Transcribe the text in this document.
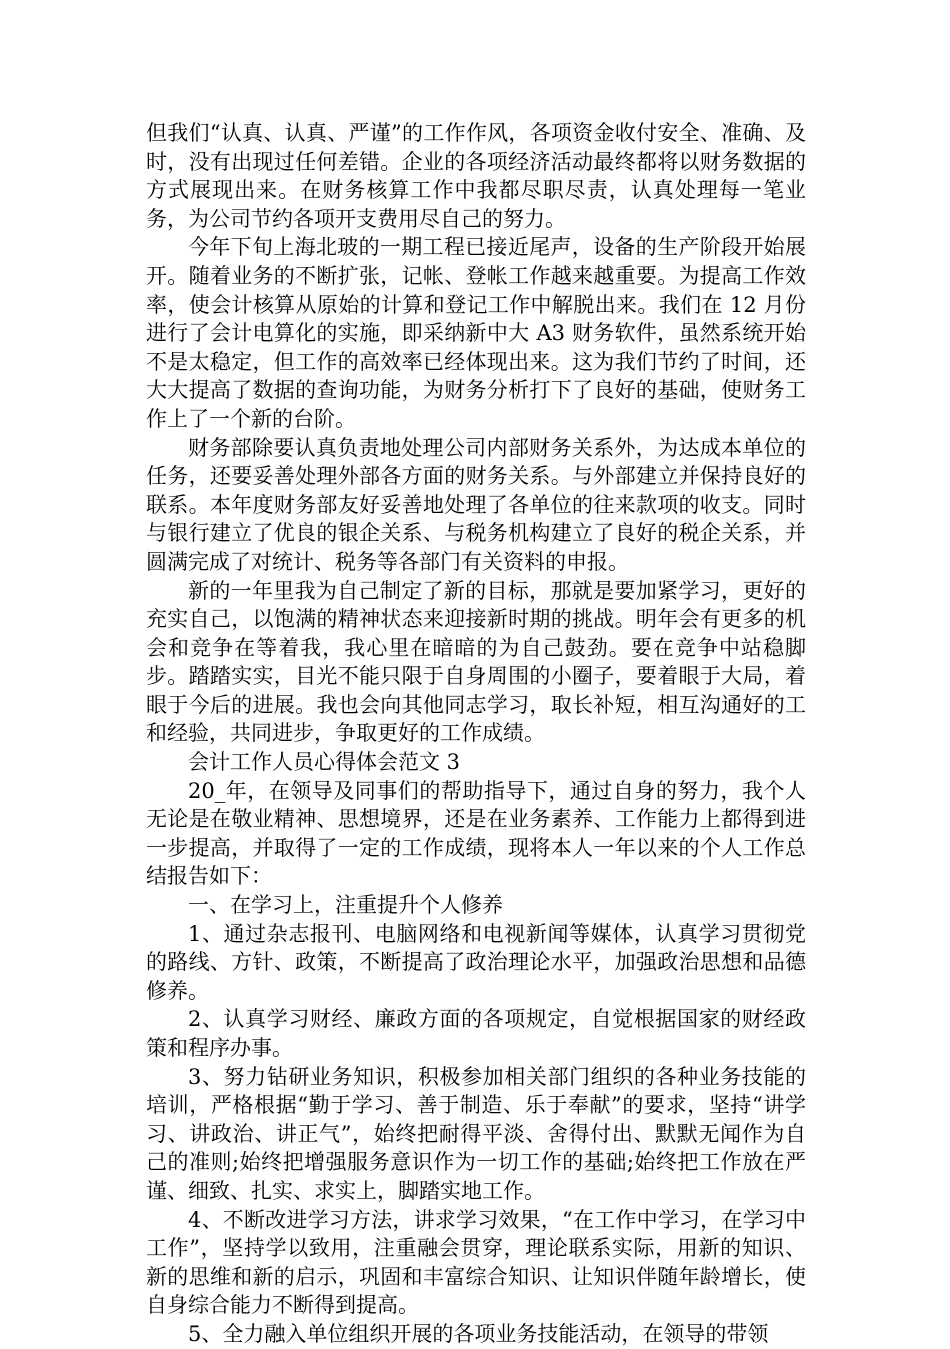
但我们“认真、认真、严谨”的工作作风，各项资金收付安全、准确、及时，没有出现过任何差错。企业的各项经济活动最终都将以财务数据的方式展现出来。在财务核算工作中我都尽职尽责，认真处理每一笔业务，为公司节约各项开支费用尽自己的努力。

今年下旬上海北玻的一期工程已接近尾声，设备的生产阶段开始展开。随着业务的不断扩张，记帐、登帐工作越来越重要。为提高工作效率，使会计核算从原始的计算和登记工作中解脱出来。我们在 12 月份进行了会计电算化的实施，即采纳新中大 A3 财务软件，虽然系统开始不是太稳定，但工作的高效率已经体现出来。这为我们节约了时间，还大大提高了数据的查询功能，为财务分析打下了良好的基础，使财务工作上了一个新的台阶。

财务部除要认真负责地处理公司内部财务关系外，为达成本单位的任务，还要妥善处理外部各方面的财务关系。与外部建立并保持良好的联系。本年度财务部友好妥善地处理了各单位的往来款项的收支。同时与银行建立了优良的银企关系、与税务机构建立了良好的税企关系，并圆满完成了对统计、税务等各部门有关资料的申报。

新的一年里我为自己制定了新的目标，那就是要加紧学习，更好的充实自己，以饱满的精神状态来迎接新时期的挑战。明年会有更多的机会和竞争在等着我，我心里在暗暗的为自己鼓劲。要在竞争中站稳脚步。踏踏实实，目光不能只限于自身周围的小圈子，要着眼于大局，着眼于今后的进展。我也会向其他同志学习，取长补短，相互沟通好的工和经验，共同进步，争取更好的工作成绩。

会计工作人员心得体会范文 3

20_年，在领导及同事们的帮助指导下，通过自身的努力，我个人无论是在敬业精神、思想境界，还是在业务素养、工作能力上都得到进一步提高，并取得了一定的工作成绩，现将本人一年以来的个人工作总结报告如下：

一、在学习上，注重提升个人修养

1、通过杂志报刊、电脑网络和电视新闻等媒体，认真学习贯彻党的路线、方针、政策，不断提高了政治理论水平，加强政治思想和品德修养。

2、认真学习财经、廉政方面的各项规定，自觉根据国家的财经政策和程序办事。

3、努力钻研业务知识，积极参加相关部门组织的各种业务技能的培训，严格根据“勤于学习、善于制造、乐于奉献”的要求，坚持“讲学习、讲政治、讲正气”，始终把耐得平淡、舍得付出、默默无闻作为自己的准则;始终把增强服务意识作为一切工作的基础;始终把工作放在严谨、细致、扎实、求实上，脚踏实地工作。

4、不断改进学习方法，讲求学习效果，“在工作中学习，在学习中工作”，坚持学以致用，注重融会贯穿，理论联系实际，用新的知识、新的思维和新的启示，巩固和丰富综合知识、让知识伴随年龄增长，使自身综合能力不断得到提高。

5、全力融入单位组织开展的各项业务技能活动，在领导的带领
